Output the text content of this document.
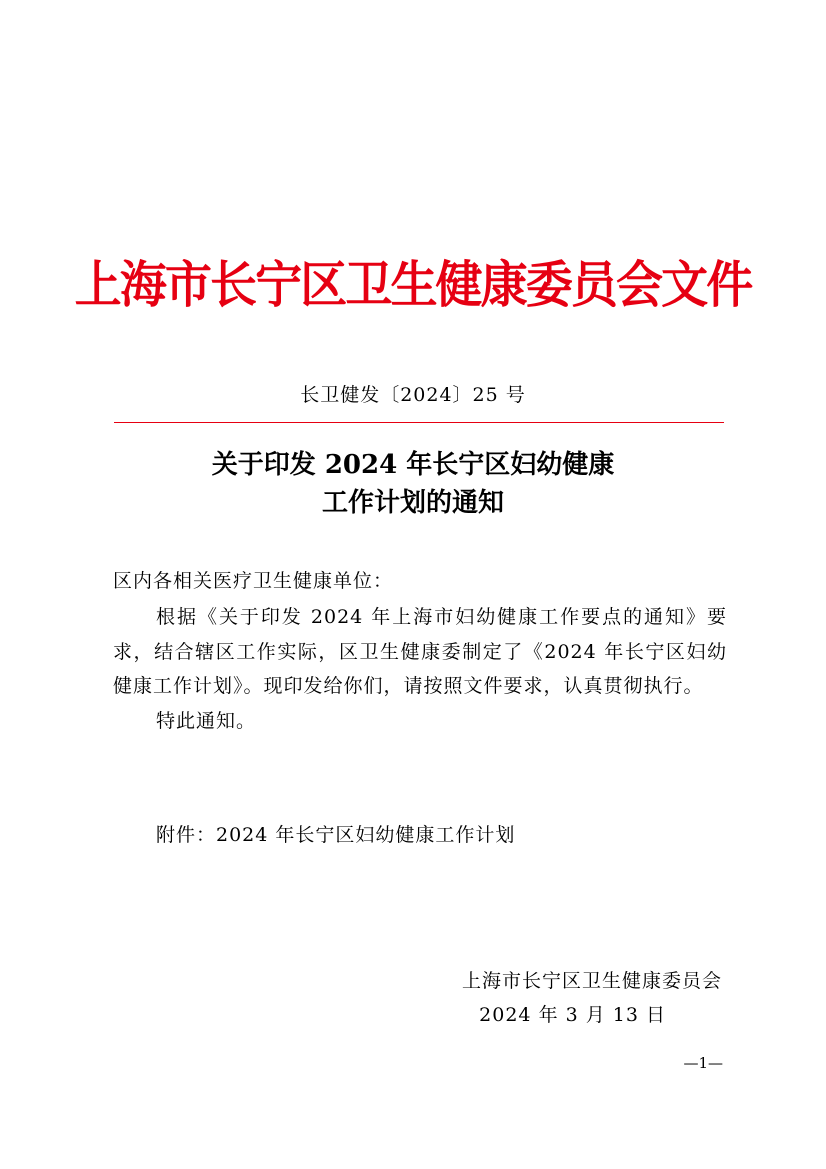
上海市长宁区卫生健康委员会文件
长卫健发〔2024〕25 号
关于印发 2024 年长宁区妇幼健康
工作计划的通知
区内各相关医疗卫生健康单位：

根据《关于印发 2024 年上海市妇幼健康工作要点的通知》要求，结合辖区工作实际，区卫生健康委制定了《2024 年长宁区妇幼健康工作计划》。现印发给你们，请按照文件要求，认真贯彻执行。

特此通知。

附件：2024 年长宁区妇幼健康工作计划
上海市长宁区卫生健康委员会
2024 年 3 月 13 日
—1—
